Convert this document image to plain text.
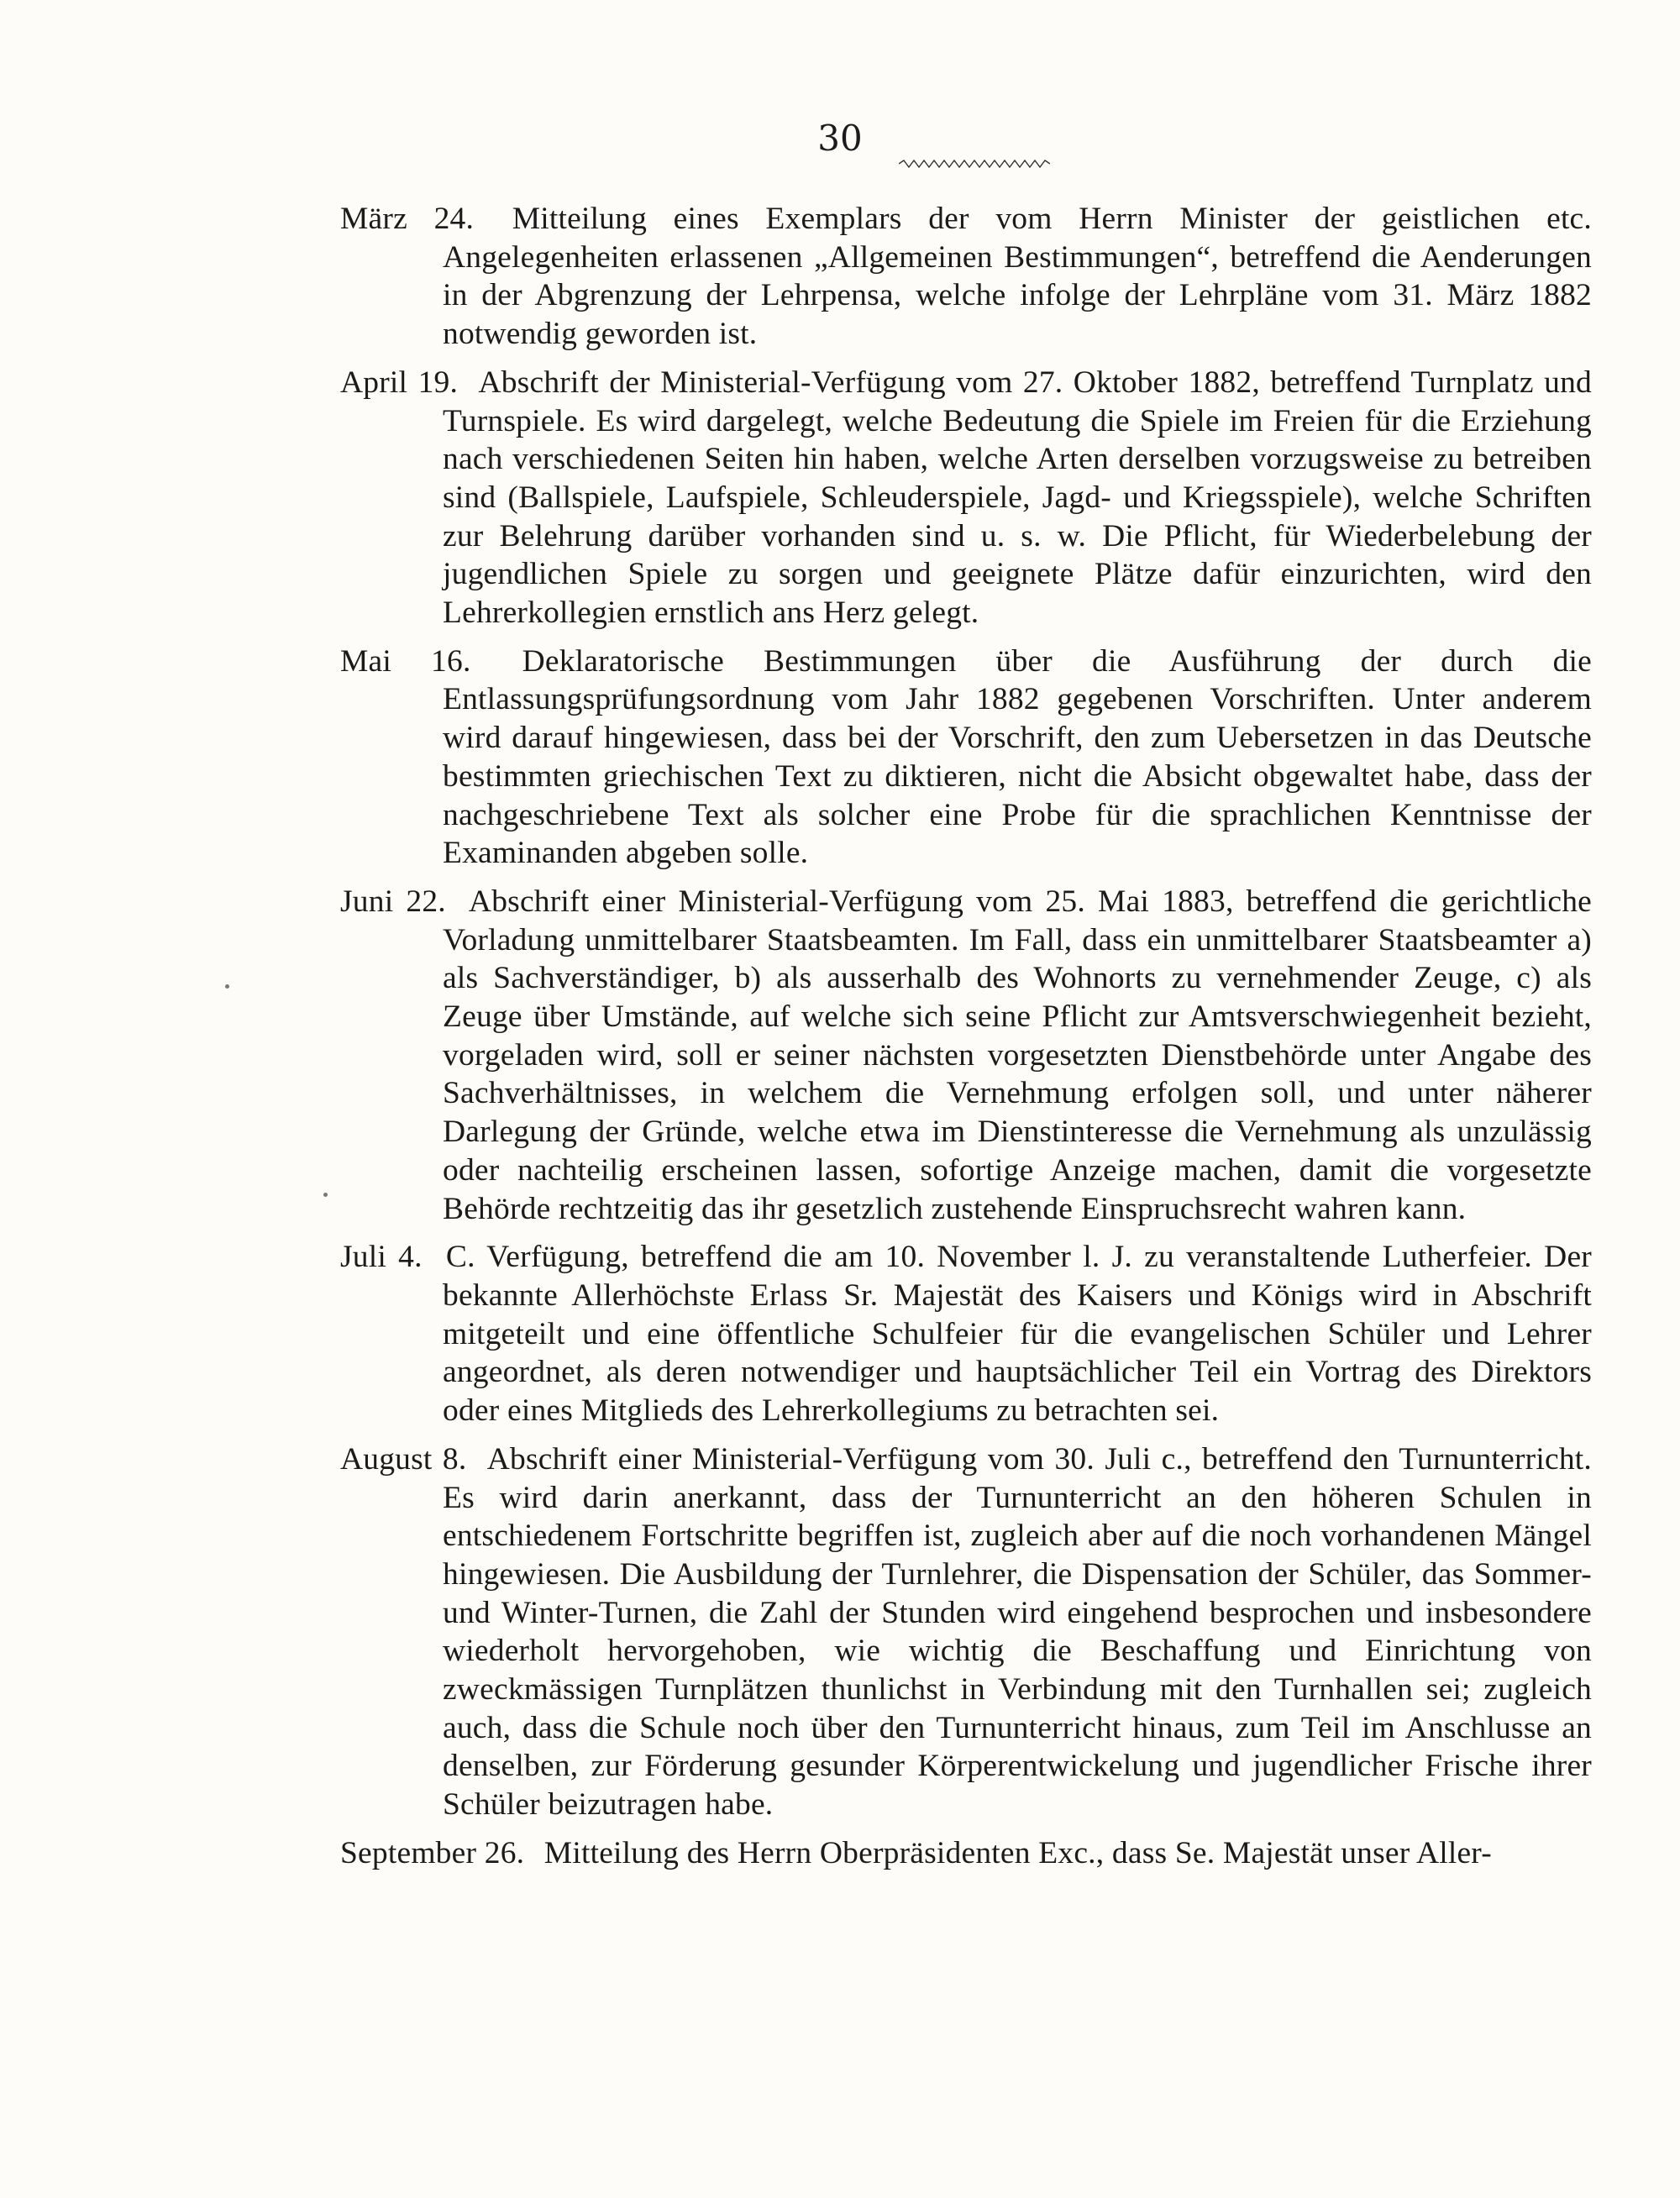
30

März 24. Mitteilung eines Exemplars der vom Herrn Minister der geistlichen etc. Angelegenheiten erlassenen „Allgemeinen Bestimmungen“, betreffend die Aenderungen in der Abgrenzung der Lehrpensa, welche infolge der Lehrpläne vom 31. März 1882 notwendig geworden ist.

April 19. Abschrift der Ministerial-Verfügung vom 27. Oktober 1882, betreffend Turnplatz und Turnspiele. Es wird dargelegt, welche Bedeutung die Spiele im Freien für die Erziehung nach verschiedenen Seiten hin haben, welche Arten derselben vorzugsweise zu betreiben sind (Ballspiele, Laufspiele, Schleuderspiele, Jagd- und Kriegsspiele), welche Schriften zur Belehrung darüber vorhanden sind u. s. w. Die Pflicht, für Wiederbelebung der jugendlichen Spiele zu sorgen und geeignete Plätze dafür einzurichten, wird den Lehrerkollegien ernstlich ans Herz gelegt.

Mai 16. Deklaratorische Bestimmungen über die Ausführung der durch die Entlassungsprüfungsordnung vom Jahr 1882 gegebenen Vorschriften. Unter anderem wird darauf hingewiesen, dass bei der Vorschrift, den zum Uebersetzen in das Deutsche bestimmten griechischen Text zu diktieren, nicht die Absicht obgewaltet habe, dass der nachgeschriebene Text als solcher eine Probe für die sprachlichen Kenntnisse der Examinanden abgeben solle.

Juni 22. Abschrift einer Ministerial-Verfügung vom 25. Mai 1883, betreffend die gerichtliche Vorladung unmittelbarer Staatsbeamten. Im Fall, dass ein unmittelbarer Staatsbeamter a) als Sachverständiger, b) als ausserhalb des Wohnorts zu vernehmender Zeuge, c) als Zeuge über Umstände, auf welche sich seine Pflicht zur Amtsverschwiegenheit bezieht, vorgeladen wird, soll er seiner nächsten vorgesetzten Dienstbehörde unter Angabe des Sachverhältnisses, in welchem die Vernehmung erfolgen soll, und unter näherer Darlegung der Gründe, welche etwa im Dienstinteresse die Vernehmung als unzulässig oder nachteilig erscheinen lassen, sofortige Anzeige machen, damit die vorgesetzte Behörde rechtzeitig das ihr gesetzlich zustehende Einspruchsrecht wahren kann.

Juli 4. C. Verfügung, betreffend die am 10. November l. J. zu veranstaltende Lutherfeier. Der bekannte Allerhöchste Erlass Sr. Majestät des Kaisers und Königs wird in Abschrift mitgeteilt und eine öffentliche Schulfeier für die evangelischen Schüler und Lehrer angeordnet, als deren notwendiger und hauptsächlicher Teil ein Vortrag des Direktors oder eines Mitglieds des Lehrerkollegiums zu betrachten sei.

August 8. Abschrift einer Ministerial-Verfügung vom 30. Juli c., betreffend den Turnunterricht. Es wird darin anerkannt, dass der Turnunterricht an den höheren Schulen in entschiedenem Fortschritte begriffen ist, zugleich aber auf die noch vorhandenen Mängel hingewiesen. Die Ausbildung der Turnlehrer, die Dispensation der Schüler, das Sommer- und Winter-Turnen, die Zahl der Stunden wird eingehend besprochen und insbesondere wiederholt hervorgehoben, wie wichtig die Beschaffung und Einrichtung von zweckmässigen Turnplätzen thunlichst in Verbindung mit den Turnhallen sei; zugleich auch, dass die Schule noch über den Turnunterricht hinaus, zum Teil im Anschlusse an denselben, zur Förderung gesunder Körperentwickelung und jugendlicher Frische ihrer Schüler beizutragen habe.

September 26. Mitteilung des Herrn Oberpräsidenten Exc., dass Se. Majestät unser Aller-
